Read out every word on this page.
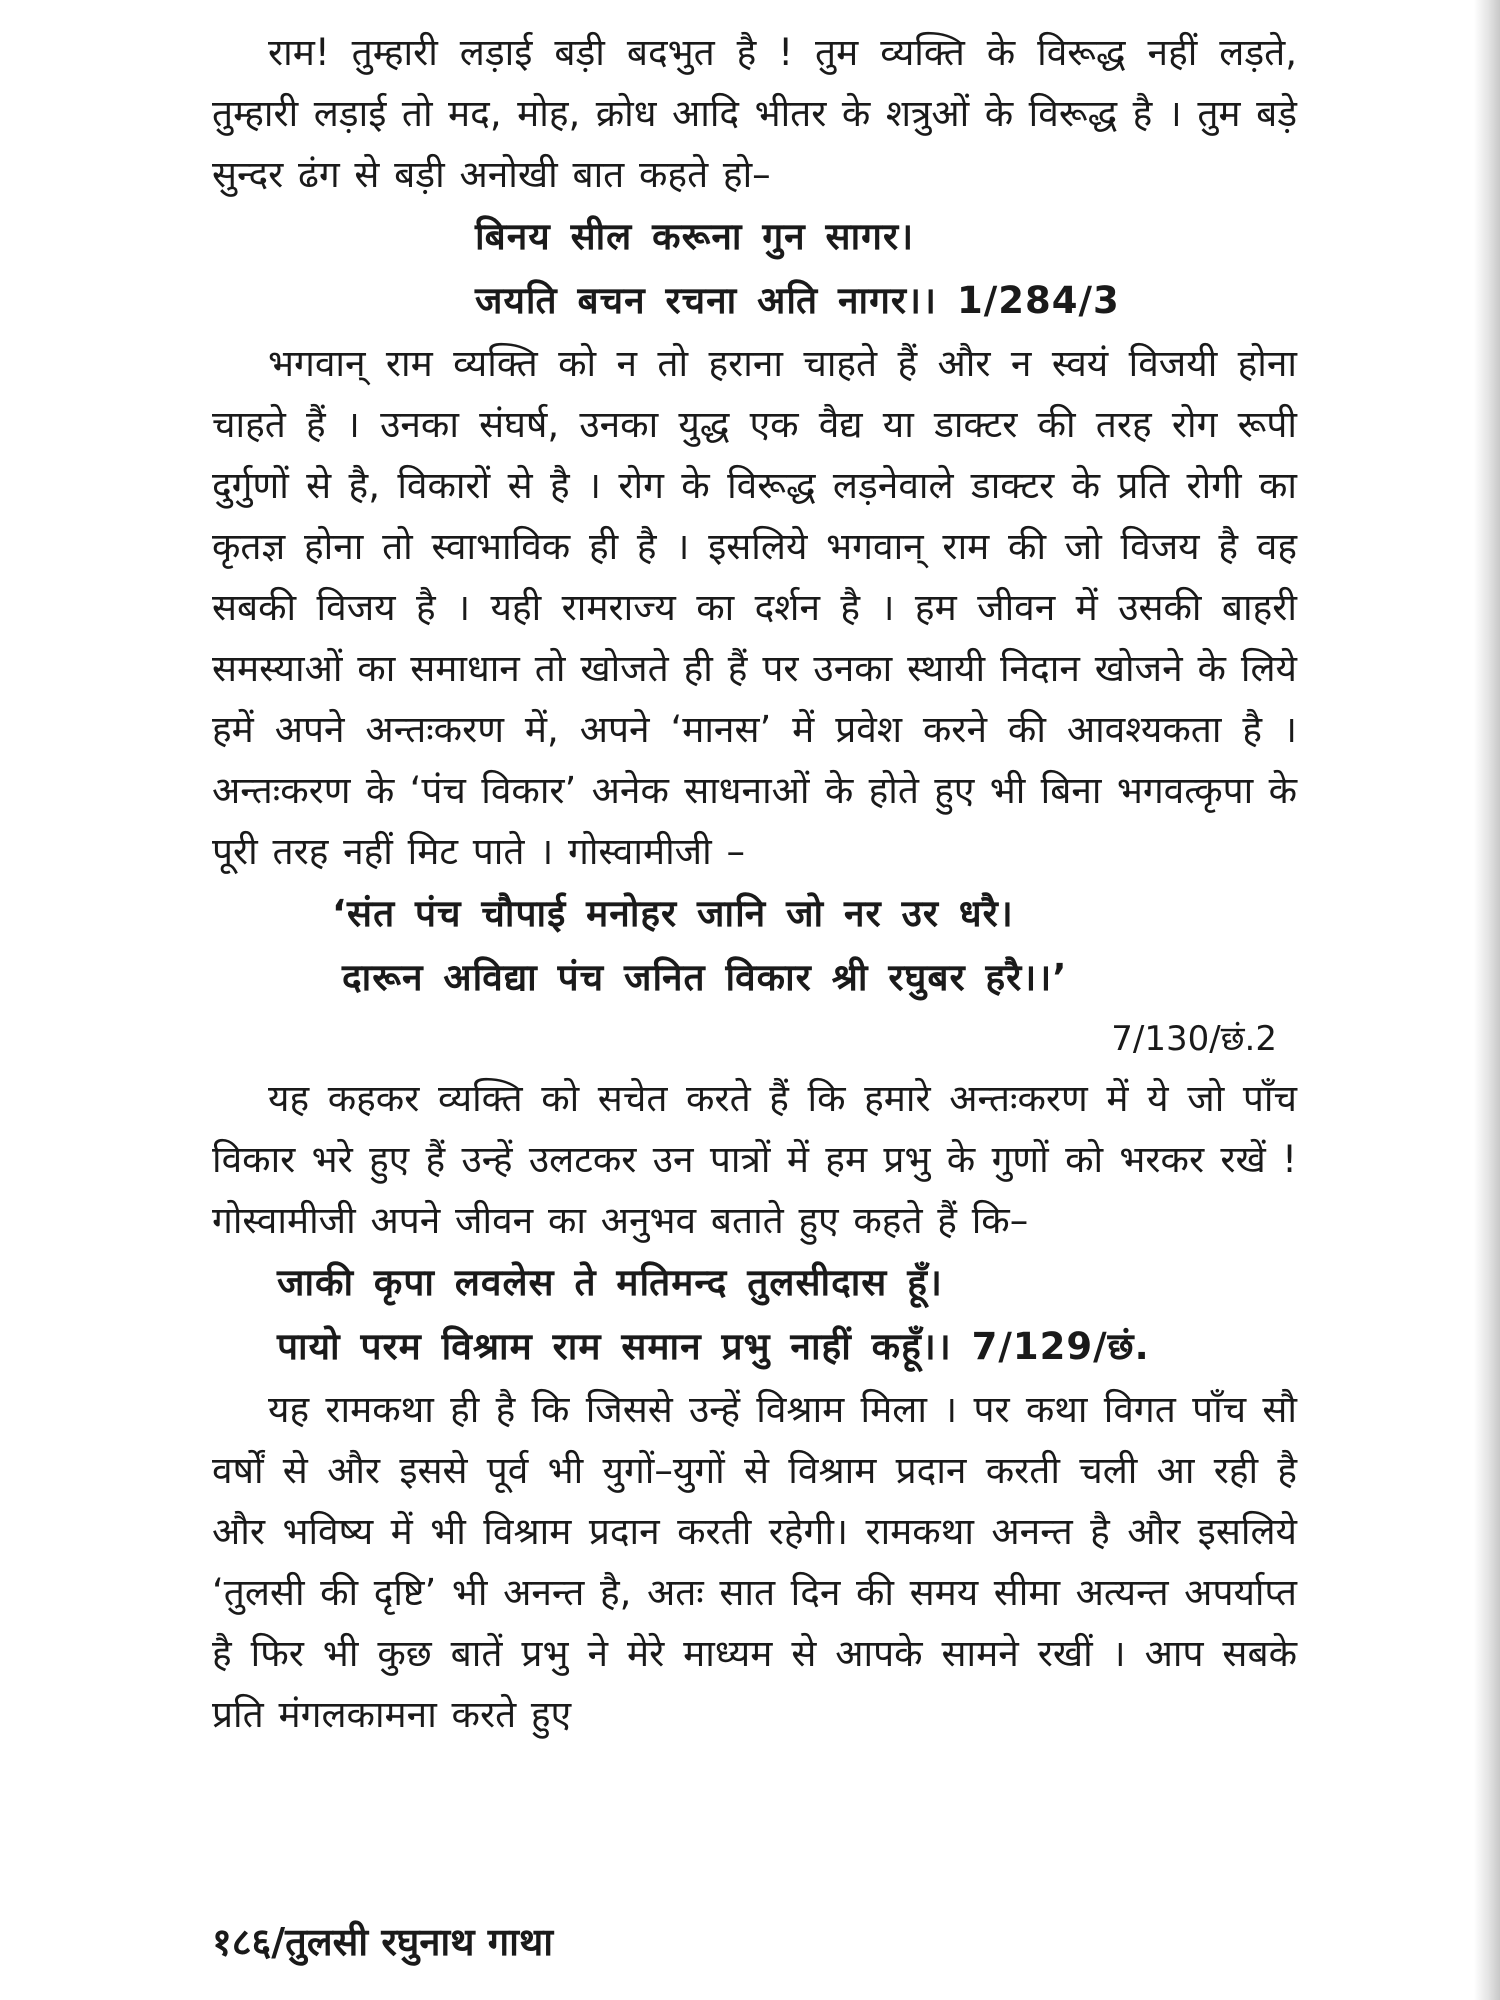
राम! तुम्हारी लड़ाई बड़ी बदभुत है ! तुम व्यक्ति के विरूद्ध नहीं लड़ते, तुम्हारी लड़ाई तो मद, मोह, क्रोध आदि भीतर के शत्रुओं के विरूद्ध है । तुम बड़े सुन्दर ढंग से बड़ी अनोखी बात कहते हो–

बिनय सील करूना गुन सागर।

जयति बचन रचना अति नागर।। 1/284/3

भगवान् राम व्यक्ति को न तो हराना चाहते हैं और न स्वयं विजयी होना चाहते हैं । उनका संघर्ष, उनका युद्ध एक वैद्य या डाक्टर की तरह रोग रूपी दुर्गुणों से है, विकारों से है । रोग के विरूद्ध लड़नेवाले डाक्टर के प्रति रोगी का कृतज्ञ होना तो स्वाभाविक ही है । इसलिये भगवान् राम की जो विजय है वह सबकी विजय है । यही रामराज्य का दर्शन है । हम जीवन में उसकी बाहरी समस्याओं का समाधान तो खोजते ही हैं पर उनका स्थायी निदान खोजने के लिये हमें अपने अन्तःकरण में, अपने ‘मानस’ में प्रवेश करने की आवश्यकता है । अन्तःकरण के ‘पंच विकार’ अनेक साधनाओं के होते हुए भी बिना भगवत्कृपा के पूरी तरह नहीं मिट पाते । गोस्वामीजी –

‘संत पंच चौपाई मनोहर जानि जो नर उर धरै।

दारून अविद्या पंच जनित विकार श्री रघुबर हरै।।’

7/130/छं.2

यह कहकर व्यक्ति को सचेत करते हैं कि हमारे अन्तःकरण में ये जो पाँच विकार भरे हुए हैं उन्हें उलटकर उन पात्रों में हम प्रभु के गुणों को भरकर रखें ! गोस्वामीजी अपने जीवन का अनुभव बताते हुए कहते हैं कि–

जाकी कृपा लवलेस ते मतिमन्द तुलसीदास हूँ।

पायो परम विश्राम राम समान प्रभु नाहीं कहूँ।। 7/129/छं.

यह रामकथा ही है कि जिससे उन्हें विश्राम मिला । पर कथा विगत पाँच सौ वर्षों से और इससे पूर्व भी युगों–युगों से विश्राम प्रदान करती चली आ रही है और भविष्य में भी विश्राम प्रदान करती रहेगी। रामकथा अनन्त है और इसलिये ‘तुलसी की दृष्टि’ भी अनन्त है, अतः सात दिन की समय सीमा अत्यन्त अपर्याप्त है फिर भी कुछ बातें प्रभु ने मेरे माध्यम से आपके सामने रखीं । आप सबके प्रति मंगलकामना करते हुए

१८६/तुलसी रघुनाथ गाथा
